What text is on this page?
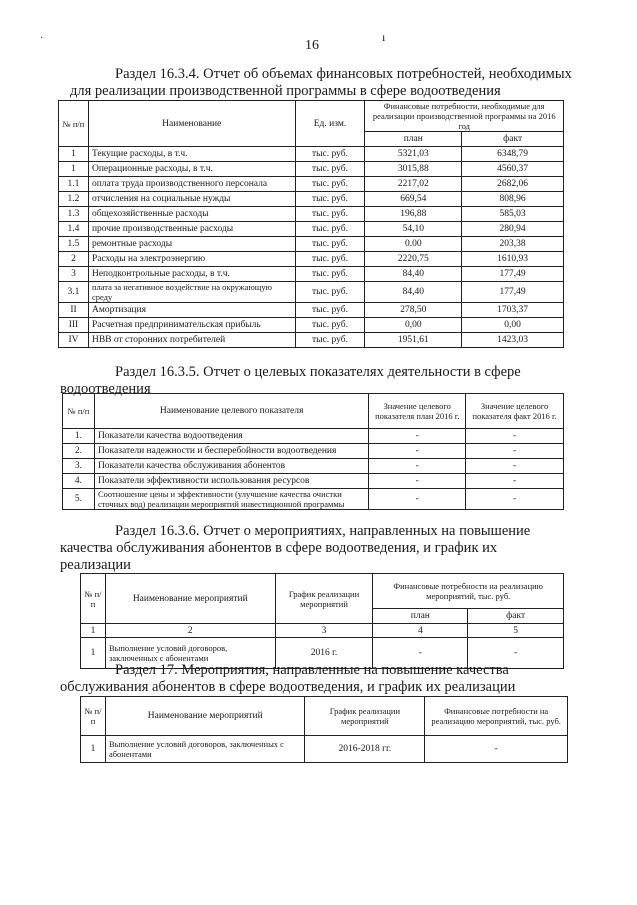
·	16
ı
Раздел 16.3.4. Отчет об объемах финансовых потребностей, необходимых
для реализации производственной программы в сфере водоотведения
№ п/п	Наименование	Ед. изм.	Финансовые потребности, необходимые для реализации производственной программы на 2016 год	
			план	факт
1	Текущие расходы, в т.ч.	тыс. руб.	5321,03	6348,79
1	Операционные расходы, в т.ч.	тыс. руб.	3015,88	4560,37
1.1	оплата труда производственного персонала	тыс. руб.	2217,02	2682,06
1.2	отчисления на социальные нужды	тыс. руб.	669,54	808,96
1.3	общехозяйственные расходы	тыс. руб.	196,88	585,03
1.4	прочие производственные расходы	тыс. руб.	54,10	280,94
1.5	ремонтные расходы	тыс. руб.	0.00	203,38
2	Расходы на электроэнергию	тыс. руб.	2220,75	1610,93
3	Неподконтрольные расходы, в т.ч.	тыс. руб.	84,40	177,49
3.1	плата за негативное воздействие на окружающую среду	тыс. руб.	84,40	177,49
II	Амортизация	тыс. руб.	278,50	1703,37
III	Расчетная предпринимательская прибыль	тыс. руб.	0,00	0,00
IV	НВВ от сторонних потребителей	тыс. руб.	1951,61	1423,03
Раздел 16.3.5. Отчет о целевых показателях деятельности в сфере
водоотведения
№ п/п	Наименование целевого показателя	Значение целевого показателя план 2016 г.	Значение целевого показателя факт 2016 г.
1.	Показатели качества водоотведения	-	-
2.	Показатели надежности и бесперебойности водоотведения	-	-
3.	Показатели качества обслуживания абонентов	-	-
4.	Показатели эффективности использования ресурсов	-	-
5.	Соотношение цены и эффективности (улучшение качества очистки сточных вод) реализации мероприятий инвестиционной программы	-	-
Раздел 16.3.6. Отчет о мероприятиях, направленных на повышение
качества обслуживания абонентов в сфере водоотведения, и график их
реализации
№ п/п	Наименование мероприятий	График реализации мероприятий	Финансовые потребности на реализацию мероприятий, тыс. руб.	
			план	факт
1	2	3	4	5
1	Выполнение условий договоров, заключенных с абонентами	2016 г.	-	-
Раздел 17. Мероприятия, направленные на повышение качества
обслуживания абонентов в сфере водоотведения, и график их реализации
№ п/п	Наименование мероприятий	График реализации мероприятий	Финансовые потребности на реализацию мероприятий, тыс. руб.
1	Выполнение условий договоров, заключенных с абонентами	2016-2018 гг.	-
